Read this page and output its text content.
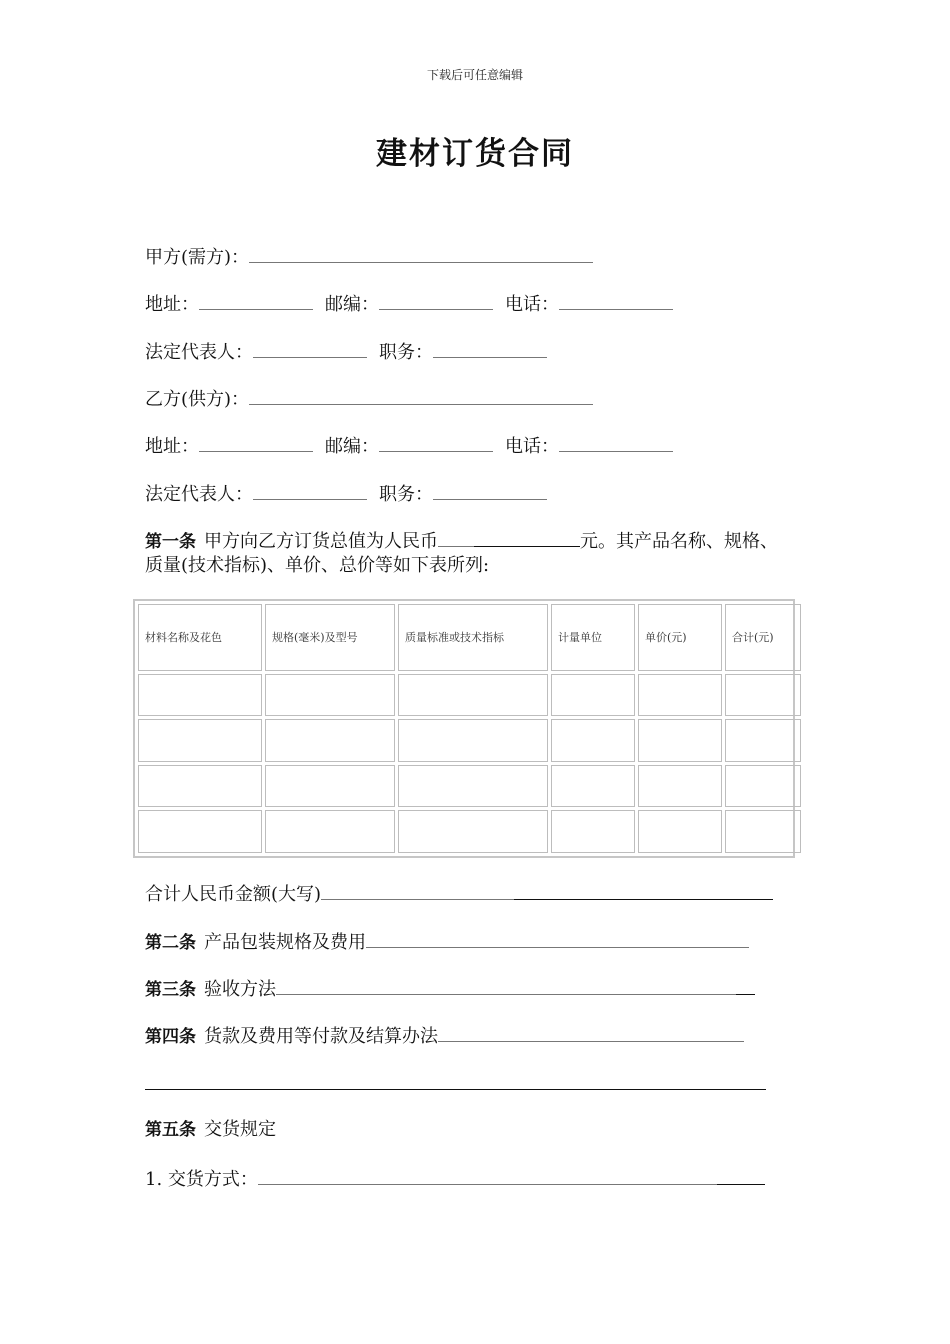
下载后可任意编辑
建材订货合同
甲方(需方)：
地址：	邮编：	电话：
法定代表人：	职务：
乙方(供方)：
地址：	邮编：	电话：
法定代表人：	职务：
第一条 甲方向乙方订货总值为人民币	元。其产品名称、规格、
质量(技术指标)、单价、总价等如下表所列:
材料名称及花色	规格(毫米)及型号	质量标准或技术指标	计量单位	单价(元)	合计(元)

合计人民币金额(大写)
第二条 产品包装规格及费用
第三条 验收方法
第四条 货款及费用等付款及结算办法
第五条 交货规定
1. 交货方式：
